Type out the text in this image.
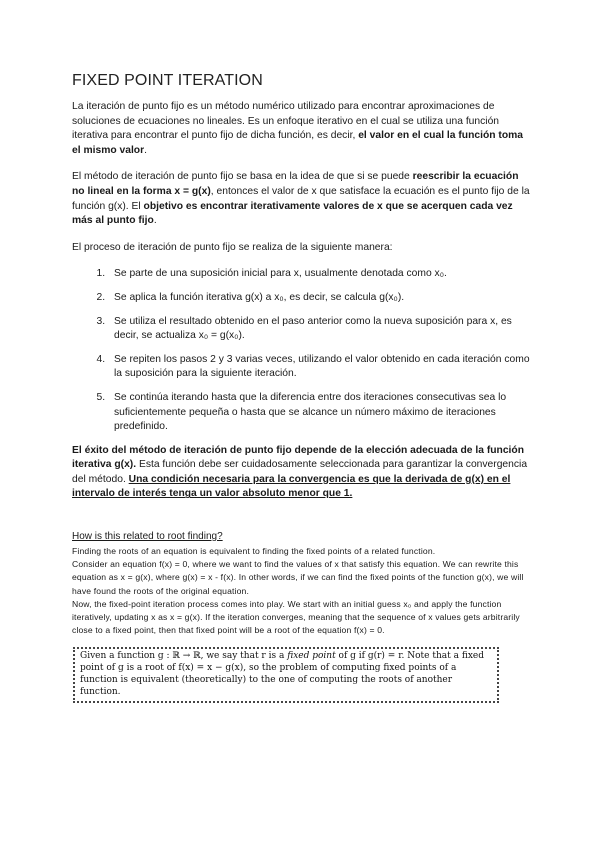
FIXED POINT ITERATION

La iteración de punto fijo es un método numérico utilizado para encontrar aproximaciones de soluciones de ecuaciones no lineales. Es un enfoque iterativo en el cual se utiliza una función iterativa para encontrar el punto fijo de dicha función, es decir, el valor en el cual la función toma el mismo valor.

El método de iteración de punto fijo se basa en la idea de que si se puede reescribir la ecuación no lineal en la forma x = g(x), entonces el valor de x que satisface la ecuación es el punto fijo de la función g(x). El objetivo es encontrar iterativamente valores de x que se acerquen cada vez más al punto fijo.

El proceso de iteración de punto fijo se realiza de la siguiente manera:

1. Se parte de una suposición inicial para x, usualmente denotada como x₀.
2. Se aplica la función iterativa g(x) a x₀, es decir, se calcula g(x₀).
3. Se utiliza el resultado obtenido en el paso anterior como la nueva suposición para x, es decir, se actualiza x₀ = g(x₀).
4. Se repiten los pasos 2 y 3 varias veces, utilizando el valor obtenido en cada iteración como la suposición para la siguiente iteración.
5. Se continúa iterando hasta que la diferencia entre dos iteraciones consecutivas sea lo suficientemente pequeña o hasta que se alcance un número máximo de iteraciones predefinido.

El éxito del método de iteración de punto fijo depende de la elección adecuada de la función iterativa g(x). Esta función debe ser cuidadosamente seleccionada para garantizar la convergencia del método. Una condición necesaria para la convergencia es que la derivada de g(x) en el intervalo de interés tenga un valor absoluto menor que 1.

How is this related to root finding?

Finding the roots of an equation is equivalent to finding the fixed points of a related function.

Consider an equation f(x) = 0, where we want to find the values of x that satisfy this equation. We can rewrite this equation as x = g(x), where g(x) = x - f(x). In other words, if we can find the fixed points of the function g(x), we will have found the roots of the original equation.

Now, the fixed-point iteration process comes into play. We start with an initial guess x₀ and apply the function iteratively, updating x as x = g(x). If the iteration converges, meaning that the sequence of x values gets arbitrarily close to a fixed point, then that fixed point will be a root of the equation f(x) = 0.

Given a function g : ℝ → ℝ, we say that r is a fixed point of g if g(r) = r. Note that a fixed point of g is a root of f(x) = x − g(x), so the problem of computing fixed points of a function is equivalent (theoretically) to the one of computing the roots of another function.
